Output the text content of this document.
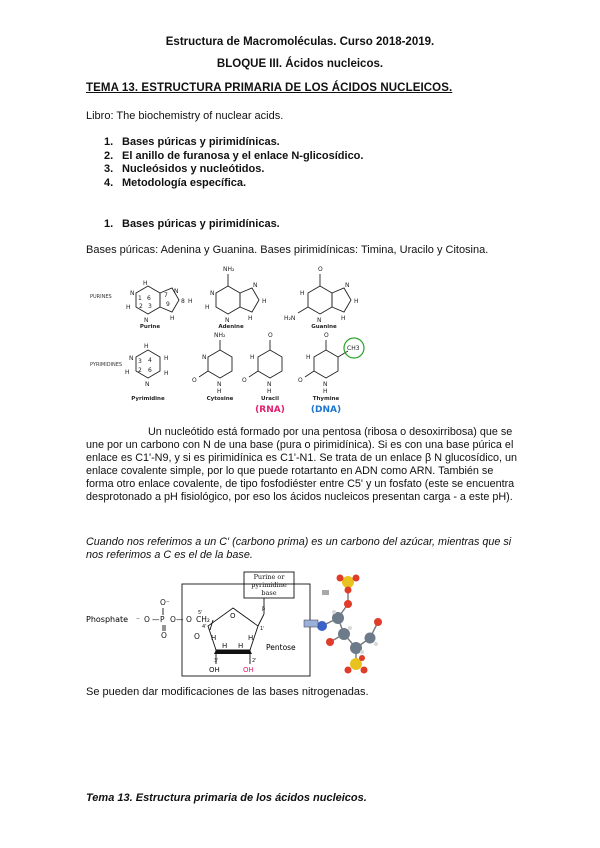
Estructura de Macromoléculas. Curso 2018-2019.
BLOQUE III. Ácidos nucleicos.
TEMA 13. ESTRUCTURA PRIMARIA DE LOS ÁCIDOS NUCLEICOS.
Libro: The biochemistry of nuclear acids.
1. Bases púricas y pirimidínicas.
2. El anillo de furanosa y el enlace N-glicosídico.
3. Nucleósidos y nucleótidos.
4. Metodología específica.
1. Bases púricas y pirimidínicas.
Bases púricas: Adenina y Guanina. Bases pirimidínicas: Timina, Uracilo y Citosina.
H
N
1 6
H 2 3
7
9
N
8 H
H
N
NH₂
N
H
N
H
H
N
O
H
H₂N
N
H
H
N
H
N 3 4 H
H 2 6 H
N
NH₂
N
O
N
H
O
H
O
N
H
O
H
O
N
H
CH3
PURINES
PYRIMIDINES
Purine	Adenine	Guanine
Pyrimidine	Cytosine	Uracil	Thymine
(RNA)	(DNA)

Un nucleótido está formado por una pentosa (ribosa o desoxirribosa) que se une por un carbono con N de una base (pura o pirimidínica). Si es con una base púrica el enlace es C1'-N9, y si es pirimidínica es C1'-N1. Se trata de un enlace β N glucosídico, un enlace covalente simple, por lo que puede rotartanto en ADN como ARN. También se forma otro enlace covalente, de tipo fosfodiéster entre C5' y un fosfato (este se encuentra desprotonado a pH fisiológico, por eso los ácidos nucleicos presentan carga - a este pH).

Cuando nos referimos a un C' (carbono prima) es un carbono del azúcar, mientras que si nos referimos a C es el de la base.
Phosphate
O⁻
P O —
—
O
⁻
O
O CH₂
5'
O
O
4'	1'
H	H
H H
3'	2'
OH
β
OH
Purine or pyrimidine base
Pentose
Se pueden dar modificaciones de las bases nitrogenadas.
Tema 13. Estructura primaria de los ácidos nucleicos.
